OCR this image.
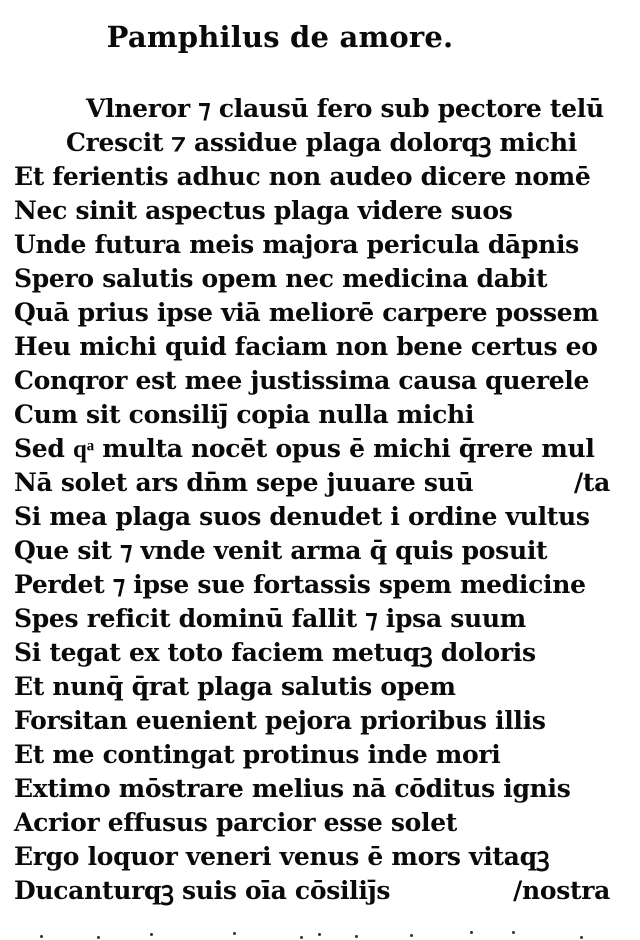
Pamphilus de amore.
Vlneror ⁊ clausū fero sub pectore telū
Crescit ⁊ assidue plaga dolorqꝫ michi
Et ferientis adhuc non audeo dicere nomē
Nec sinit aspectus plaga videre suos
Unde futura meis majora pericula dāpnis
Spero salutis opem nec medicina dabit
Quā prius ipse viā meliorē carpere possem
Heu michi quid faciam non bene certus eo
Conqror est mee justissima causa querele
Cum sit consiliȷ̄ copia nulla michi
Sed qͣ multa nocēt opus ē michi q̄rere mul
Nā solet ars dn̄m sepe juuare suū	/ta
Si mea plaga suos denudet i ordine vultus
Que sit ⁊ vnde venit arma q̄ quis posuit
Perdet ⁊ ipse sue fortassis spem medicine
Spes reficit dominū fallit ⁊ ipsa suum
Si tegat ex toto faciem metuqꝫ doloris
Et nunq̄ q̄rat plaga salutis opem
Forsitan euenient pejora prioribus illis
Et me contingat protinus inde mori
Extimo mōstrare melius nā cōditus ignis
Acrior effusus parcior esse solet
Ergo loquor veneri venus ē mors vitaqꝫ
Ducanturqꝫ suis oīa cōsiliȷ̄s	/nostra
